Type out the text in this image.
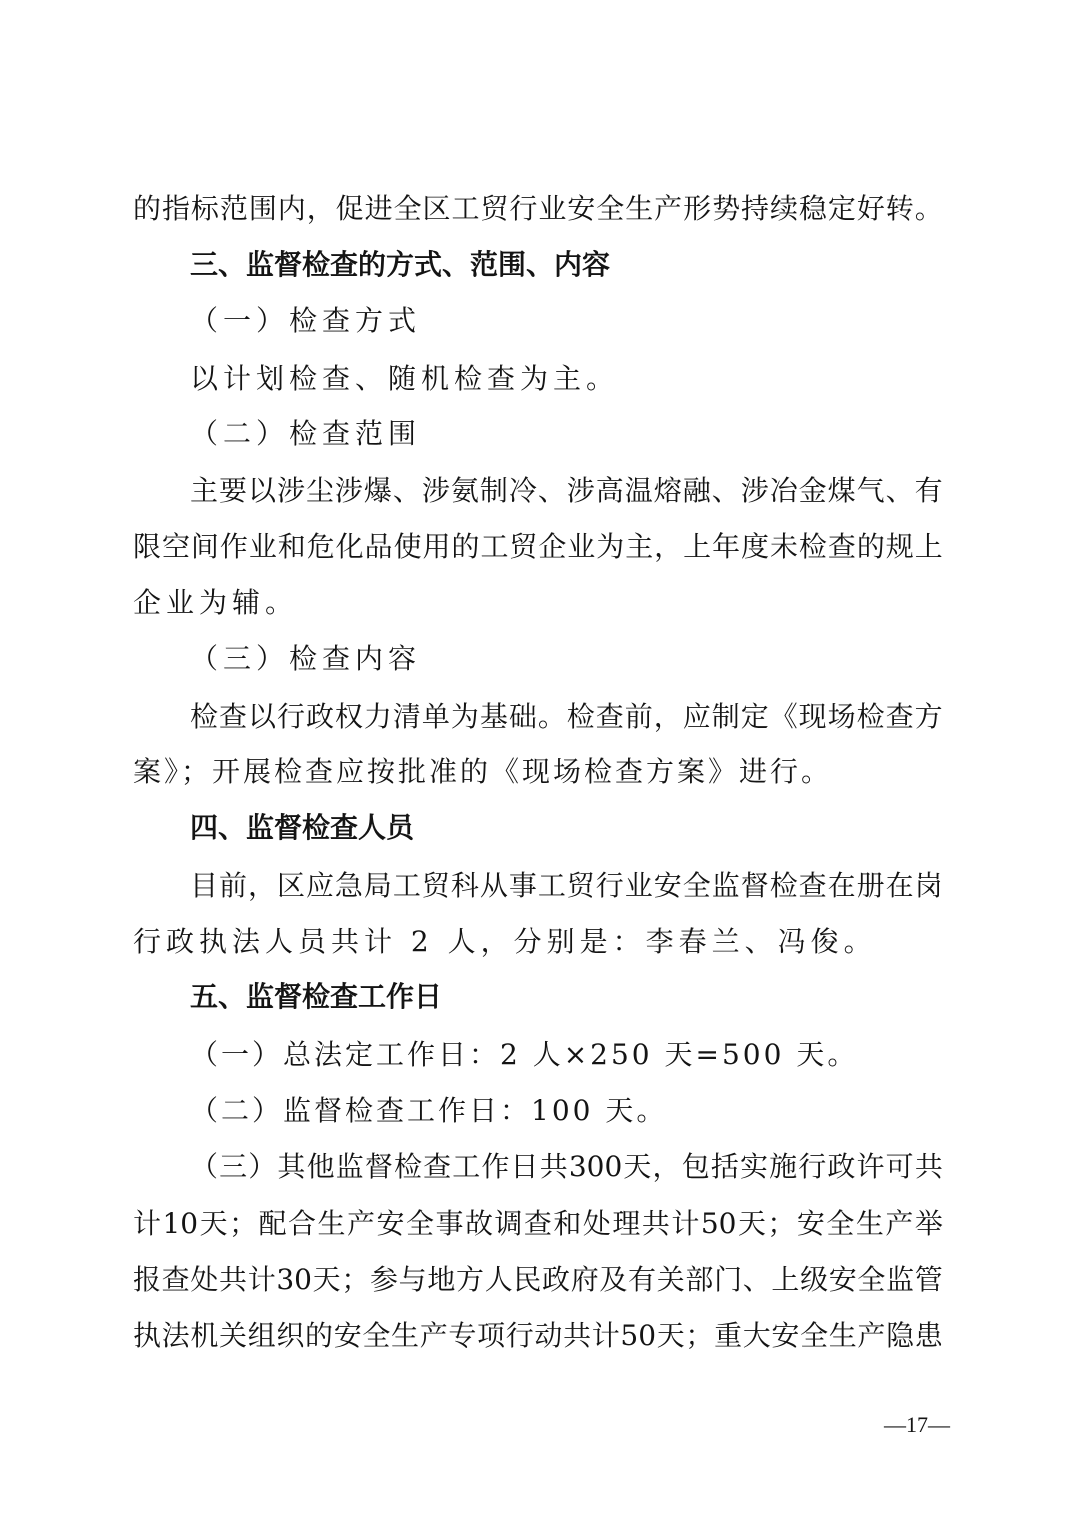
的 指 标 范 围 内 ， 促 进 全 区 工 贸 行 业 安 全 生 产 形 势 持 续 稳 定 好 转 。
三、监督检查的方式、范围、内容
（一）检查方式
以计划检查、随机检查为主。
（二）检查范围
主 要 以 涉 尘 涉 爆 、 涉 氨 制 冷 、 涉 高 温 熔 融 、 涉 冶 金 煤 气 、 有
限 空 间 作 业 和 危 化 品 使 用 的 工 贸 企 业 为 主 ， 上 年 度 未 检 查 的 规 上
企业为辅。
（三）检查内容
检 查 以 行 政 权 力 清 单 为 基 础 。 检 查 前 ， 应 制 定 《 现 场 检 查 方
案》；开展检查应按批准的《现场检查方案》进行。
四、监督检查人员
目 前 ， 区 应 急 局 工 贸 科 从 事 工 贸 行 业 安 全 监 督 检 查 在 册 在 岗
行政执法人员共计 2 人，分别是：李春兰、冯俊。
五、监督检查工作日
（一）总法定工作日：2 人×250 天=500 天。
（二）监督检查工作日：100 天。
（ 三 ） 其 他 监 督 检 查 工 作 日 共 300 天 ， 包 括 实 施 行 政 许 可 共
计 10 天 ； 配 合 生 产 安 全 事 故 调 查 和 处 理 共 计 50 天 ； 安 全 生 产 举
报 查 处 共 计 30 天 ； 参 与 地 方 人 民 政 府 及 有 关 部 门 、 上 级 安 全 监 管
执 法 机 关 组 织 的 安 全 生 产 专 项 行 动 共 计 50 天 ； 重 大 安 全 生 产 隐 患
—17—
